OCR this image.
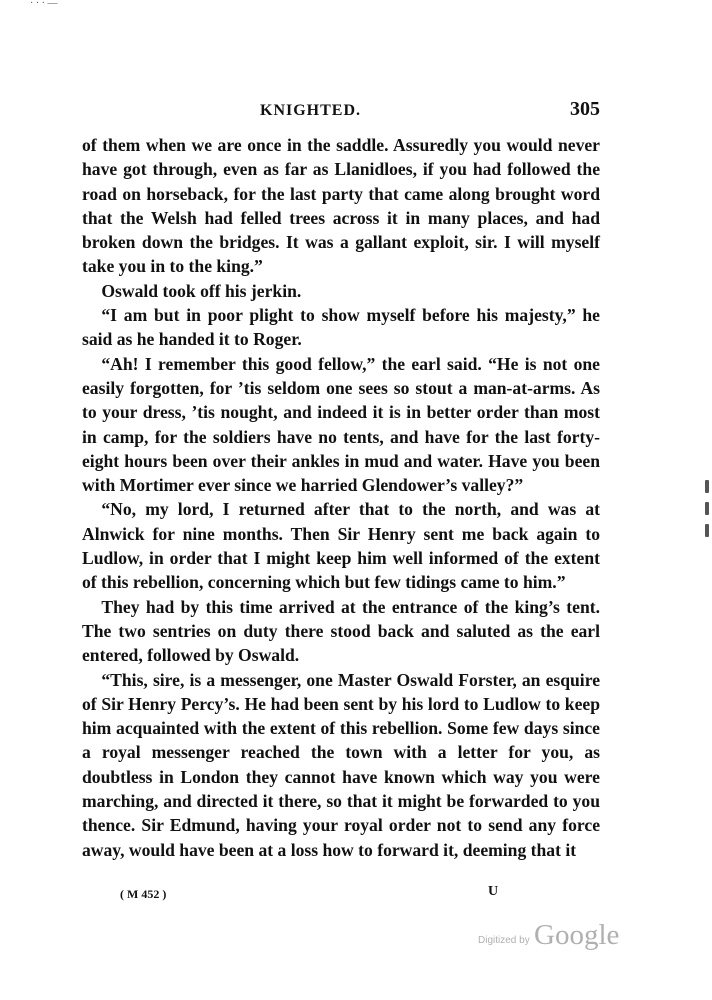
· · · —
KNIGHTED.	305

of them when we are once in the saddle. Assuredly you would never have got through, even as far as Llanidloes, if you had followed the road on horseback, for the last party that came along brought word that the Welsh had felled trees across it in many places, and had broken down the bridges. It was a gallant exploit, sir. I will myself take you in to the king.”

Oswald took off his jerkin.

“I am but in poor plight to show myself before his majesty,” he said as he handed it to Roger.

“Ah! I remember this good fellow,” the earl said. “He is not one easily forgotten, for ’tis seldom one sees so stout a man-at-arms. As to your dress, ’tis nought, and indeed it is in better order than most in camp, for the soldiers have no tents, and have for the last forty-eight hours been over their ankles in mud and water. Have you been with Mortimer ever since we harried Glendower’s valley?”

“No, my lord, I returned after that to the north, and was at Alnwick for nine months. Then Sir Henry sent me back again to Ludlow, in order that I might keep him well informed of the extent of this rebellion, concerning which but few tidings came to him.”

They had by this time arrived at the entrance of the king’s tent. The two sentries on duty there stood back and saluted as the earl entered, followed by Oswald.

“This, sire, is a messenger, one Master Oswald Forster, an esquire of Sir Henry Percy’s. He had been sent by his lord to Ludlow to keep him acquainted with the extent of this rebellion. Some few days since a royal messenger reached the town with a letter for you, as doubtless in London they cannot have known which way you were marching, and directed it there, so that it might be forwarded to you thence. Sir Edmund, having your royal order not to send any force away, would have been at a loss how to forward it, deeming that it

( M 452 )	U
Digitized by Google
